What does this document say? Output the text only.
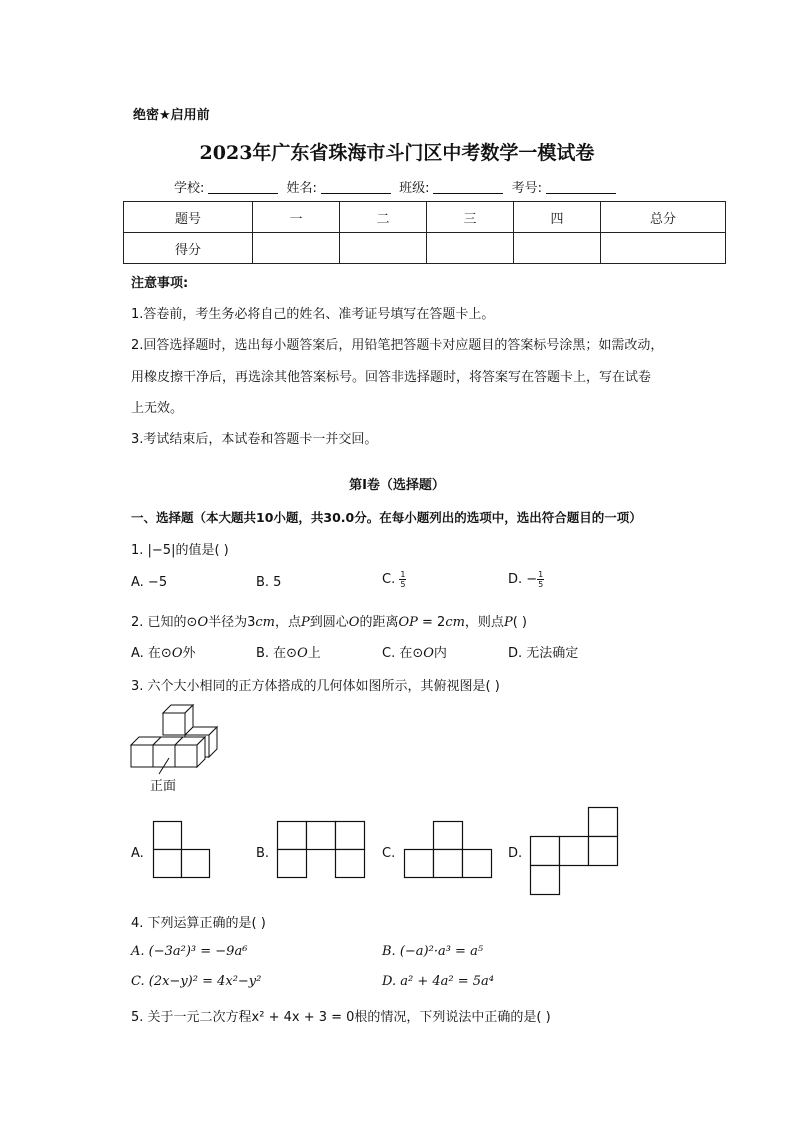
绝密★启用前
2023年广东省珠海市斗门区中考数学一模试卷
学校:	姓名:	班级:	考号:
题号	一	二	三	四	总分
得分					
注意事项:
1.答卷前，考生务必将自己的姓名、准考证号填写在答题卡上。
2.回答选择题时，选出每小题答案后，用铅笔把答题卡对应题目的答案标号涂黑；如需改动，
用橡皮擦干净后，再选涂其他答案标号。回答非选择题时，将答案写在答题卡上，写在试卷
上无效。
3.考试结束后，本试卷和答题卡一并交回。
第Ⅰ卷（选择题）
一、选择题（本大题共10小题，共30.0分。在每小题列出的选项中，选出符合题目的一项）
1. |−5|的值是( )
A. −5	B. 5	C. $\frac{1}{5}$	D. − $\frac{1}{5}$
2. 已知的⊙O半径为3cm，点P到圆心O的距离OP = 2cm，则点P( )
A. 在⊙O外	B. 在⊙O上	C. 在⊙O内	D. 无法确定
3. 六个大小相同的正方体搭成的几何体如图所示，其俯视图是( )
正面
A.	B.	C.	D.
4. 下列运算正确的是( )
A. (−3a²)³ = −9a⁶	B. (−a)²·a³ = a⁵
C. (2x−y)² = 4x²−y²	D. a² + 4a² = 5a⁴
5. 关于一元二次方程x² + 4x + 3 = 0根的情况，下列说法中正确的是( )
